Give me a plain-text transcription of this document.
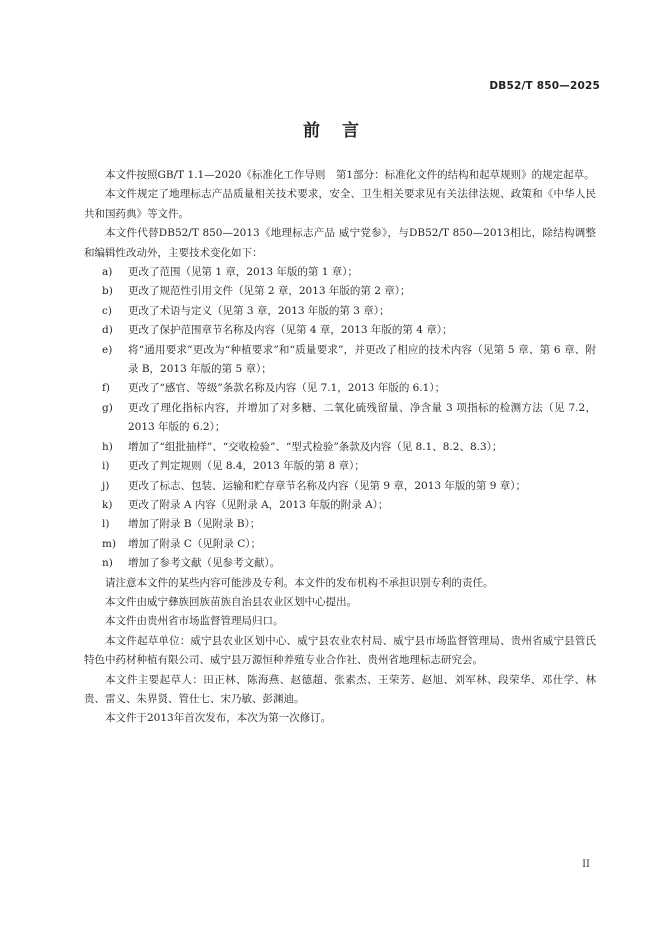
DB52/T 850—2025
前言
本文件按照GB/T 1.1—2020《标准化工作导则　第1部分：标准化文件的结构和起草规则》的规定起草。
本文件规定了地理标志产品质量相关技术要求，安全、卫生相关要求见有关法律法规、政策和《中华人民共和国药典》等文件。
本文件代替DB52/T 850—2013《地理标志产品 威宁党参》，与DB52/T 850—2013相比，除结构调整和编辑性改动外，主要技术变化如下：
a)	更改了范围（见第 1 章，2013 年版的第 1 章）；
b)	更改了规范性引用文件（见第 2 章，2013 年版的第 2 章）；
c)	更改了术语与定义（见第 3 章，2013 年版的第 3 章）；
d)	更改了保护范围章节名称及内容（见第 4 章，2013 年版的第 4 章）；
e)	将“通用要求”更改为“种植要求”和“质量要求”，并更改了相应的技术内容（见第 5 章、第 6 章、附录 B，2013 年版的第 5 章）；
f)	更改了“感官、等级”条款名称及内容（见 7.1，2013 年版的 6.1）；
g)	更改了理化指标内容，并增加了对多糖、二氧化硫残留量、净含量 3 项指标的检测方法（见 7.2，2013 年版的 6.2）；
h)	增加了“组批抽样”、“交收检验”、“型式检验”条款及内容（见 8.1、8.2、8.3）；
i)	更改了判定规则（见 8.4，2013 年版的第 8 章）；
j)	更改了标志、包装、运输和贮存章节名称及内容（见第 9 章，2013 年版的第 9 章）；
k)	更改了附录 A 内容（见附录 A，2013 年版的附录 A）；
l)	增加了附录 B（见附录 B）；
m)	增加了附录 C（见附录 C）；
n)	增加了参考文献（见参考文献）。
请注意本文件的某些内容可能涉及专利。本文件的发布机构不承担识别专利的责任。
本文件由威宁彝族回族苗族自治县农业区划中心提出。
本文件由贵州省市场监督管理局归口。
本文件起草单位：威宁县农业区划中心、威宁县农业农村局、威宁县市场监督管理局、贵州省威宁县管氏特色中药材种植有限公司、威宁县万源恒种养殖专业合作社、贵州省地理标志研究会。
本文件主要起草人：田正林、陈海燕、赵德超、张素杰、王荣芳、赵旭、刘军林、段荣华、邓仕学、林贵、雷义、朱界贤、管仕七、宋乃敏、彭渊迪。
本文件于2013年首次发布，本次为第一次修订。
II
